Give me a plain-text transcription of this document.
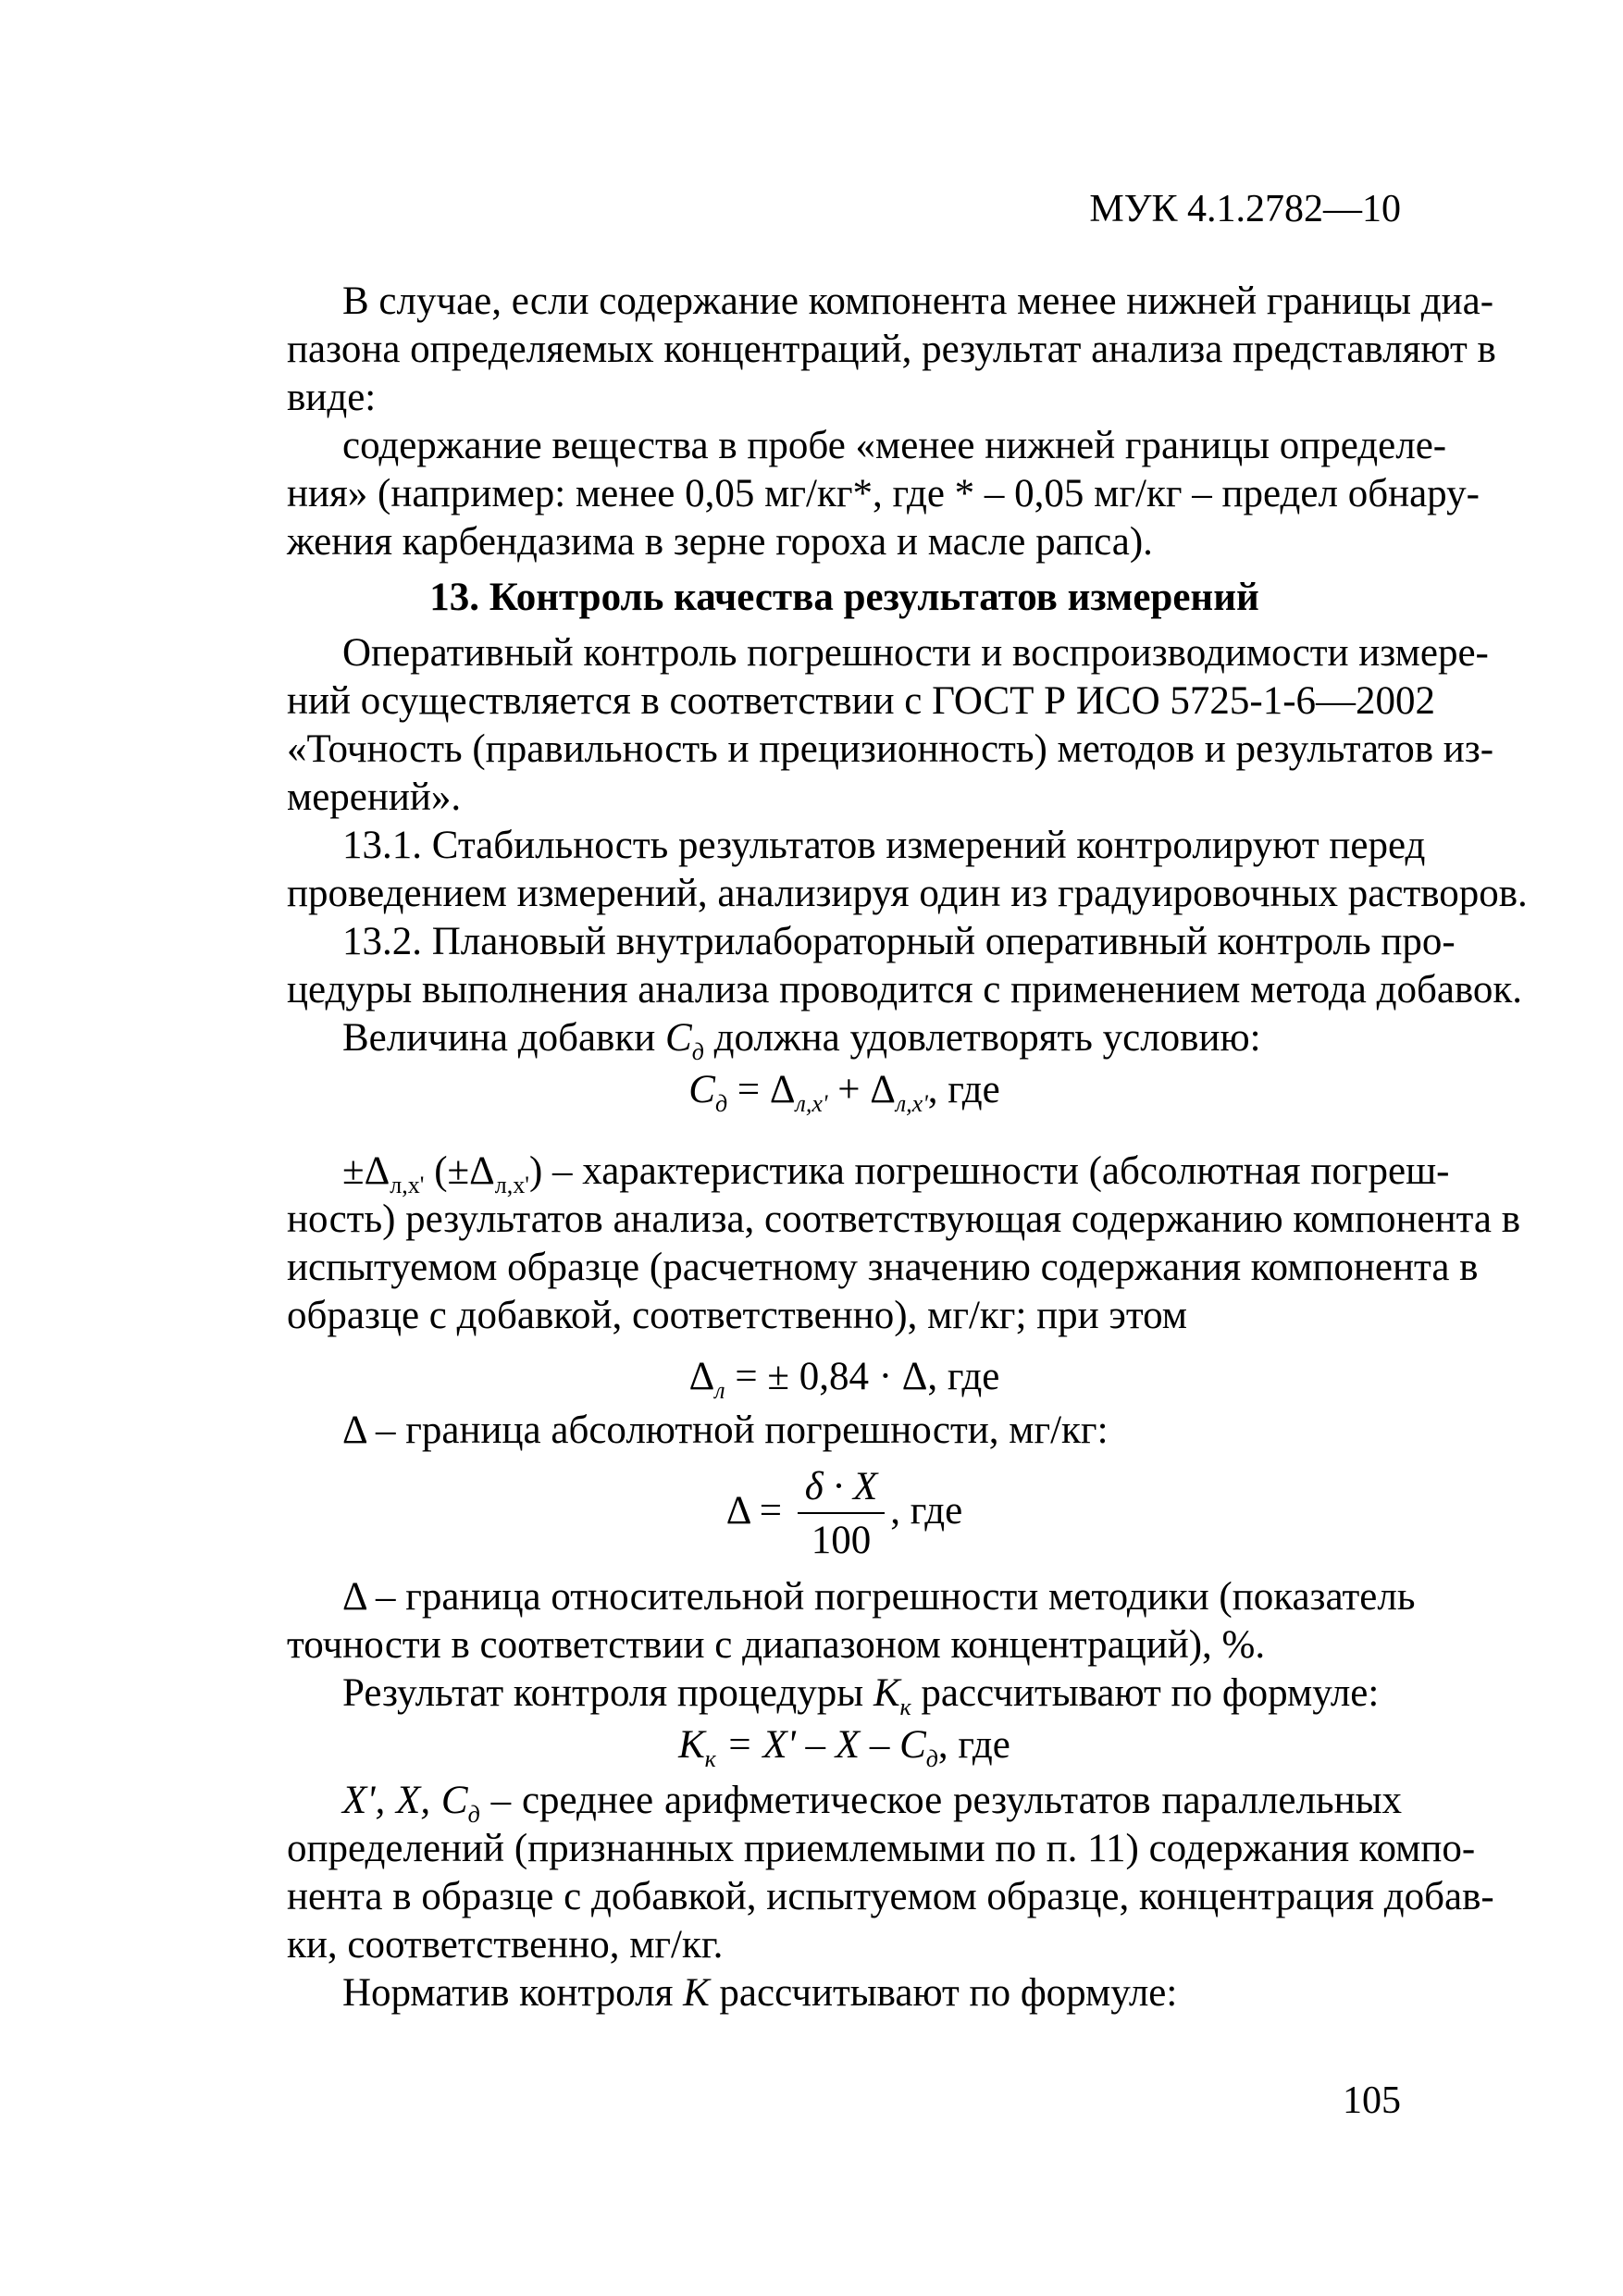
МУК 4.1.2782—10
В случае, если содержание компонента менее нижней границы диа-
пазона определяемых концентраций, результат анализа представляют в
виде:
содержание вещества в пробе «менее нижней границы определе-
ния» (например: менее 0,05 мг/кг*, где * – 0,05 мг/кг – предел обнару-
жения карбендазима в зерне гороха и масле рапса).
13. Контроль качества результатов измерений
Оперативный контроль погрешности и воспроизводимости измере-
ний осуществляется в соответствии с ГОСТ Р ИСО 5725-1-6—2002
«Точность (правильность и прецизионность) методов и результатов из-
мерений».
13.1. Стабильность результатов измерений контролируют перед
проведением измерений, анализируя один из градуировочных растворов.
13.2. Плановый внутрилабораторный оперативный контроль про-
цедуры выполнения анализа проводится с применением метода добавок.
Величина добавки $С_д$ должна удовлетворять условию:
$С_д = \Delta_{л,х'} + \Delta_{л,х'}$, где
$\pm\Delta_{л,х'}$ $(\pm\Delta_{л,х'})$ – характеристика погрешности (абсолютная погреш-
ность) результатов анализа, соответствующая содержанию компонента в
испытуемом образце (расчетному значению содержания компонента в
образце с добавкой, соответственно), мг/кг; при этом
$\Delta_л$ = ± 0,84 · Δ, где
Δ – граница абсолютной погрешности, мг/кг:
$\Delta = \frac{\delta \cdot X}{100}$ , где
Δ – граница относительной погрешности методики (показатель
точности в соответствии с диапазоном концентраций), %.
Результат контроля процедуры $К_к$ рассчитывают по формуле:
$К_к = X' - X - С_д$, где
X', X, $С_д$ – среднее арифметическое результатов параллельных
определений (признанных приемлемыми по п. 11) содержания компо-
нента в образце с добавкой, испытуемом образце, концентрация добав-
ки, соответственно, мг/кг.
Норматив контроля К рассчитывают по формуле:
105
